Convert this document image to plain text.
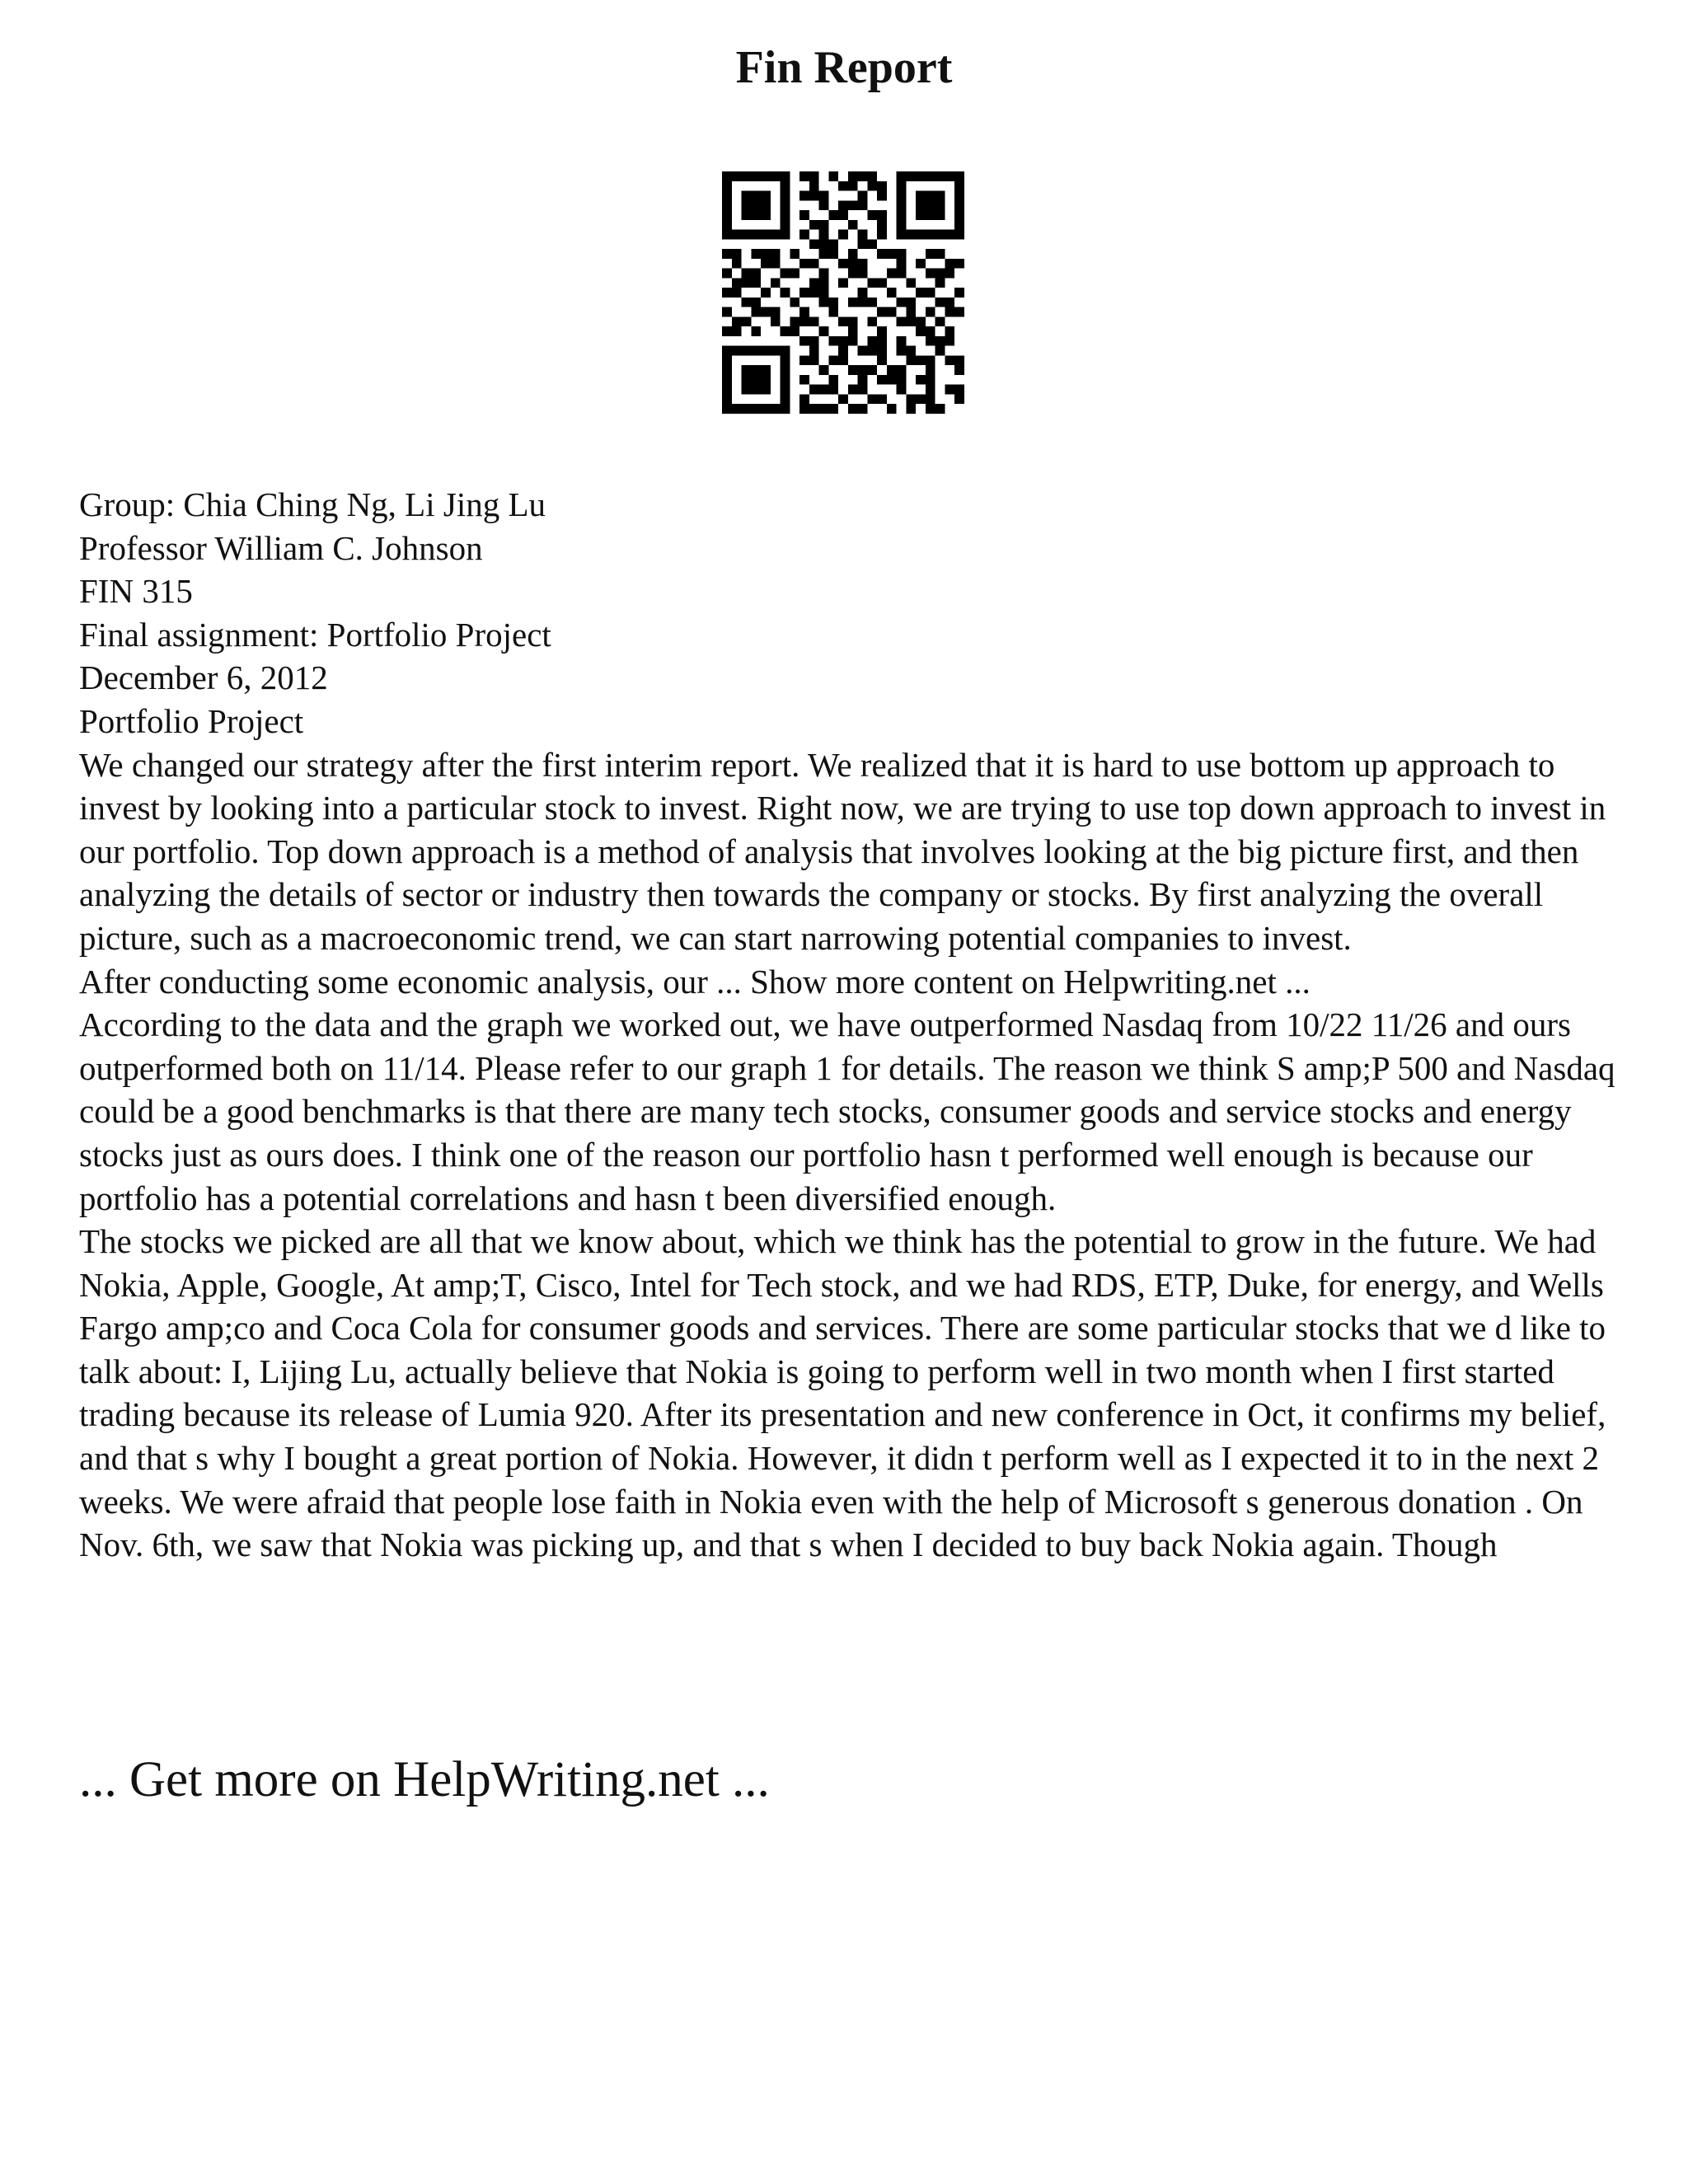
Fin Report

Group: Chia Ching Ng, Li Jing Lu

Professor William C. Johnson

FIN 315

Final assignment: Portfolio Project

December 6, 2012

Portfolio Project

We changed our strategy after the first interim report. We realized that it is hard to use bottom up approach to invest by looking into a particular stock to invest. Right now, we are trying to use top down approach to invest in our portfolio. Top down approach is a method of analysis that involves looking at the big picture first, and then analyzing the details of sector or industry then towards the company or stocks. By first analyzing the overall picture, such as a macroeconomic trend, we can start narrowing potential companies to invest.

After conducting some economic analysis, our ... Show more content on Helpwriting.net ...

According to the data and the graph we worked out, we have outperformed Nasdaq from 10/22 11/26 and ours outperformed both on 11/14. Please refer to our graph 1 for details. The reason we think S amp;P 500 and Nasdaq could be a good benchmarks is that there are many tech stocks, consumer goods and service stocks and energy stocks just as ours does. I think one of the reason our portfolio hasn t performed well enough is because our portfolio has a potential correlations and hasn t been diversified enough.

The stocks we picked are all that we know about, which we think has the potential to grow in the future. We had Nokia, Apple, Google, At amp;T, Cisco, Intel for Tech stock, and we had RDS, ETP, Duke, for energy, and Wells Fargo amp;co and Coca Cola for consumer goods and services. There are some particular stocks that we d like to talk about: I, Lijing Lu, actually believe that Nokia is going to perform well in two month when I first started trading because its release of Lumia 920. After its presentation and new conference in Oct, it confirms my belief, and that s why I bought a great portion of Nokia. However, it didn t perform well as I expected it to in the next 2 weeks. We were afraid that people lose faith in Nokia even with the help of Microsoft s generous donation . On Nov. 6th, we saw that Nokia was picking up, and that s when I decided to buy back Nokia again. Though

... Get more on HelpWriting.net ...
